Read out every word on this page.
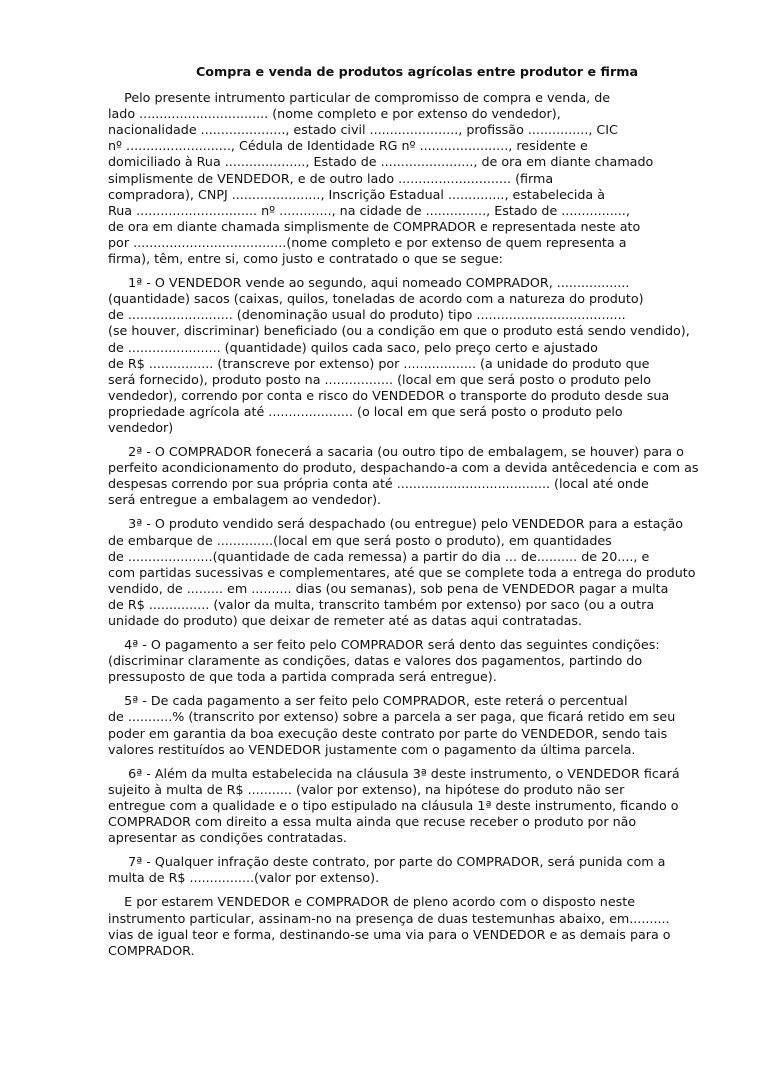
Compra e venda de produtos agrícolas entre produtor e firma
Pelo presente intrumento particular de compromisso de compra e venda, de
lado ................................ (nome completo e por extenso do vendedor),
nacionalidade ....................., estado civil ......................, profissão ..............., CIC
nº .........................., Cédula de Identidade RG nº ......................, residente e
domiciliado à Rua ...................., Estado de ......................., de ora em diante chamado
simplismente de VENDEDOR, e de outro lado ............................ (firma
compradora), CNPJ ......................, Inscrição Estadual .............., estabelecida à
Rua .............................. nº ............., na cidade de ..............., Estado de ................,
de ora em diante chamada simplismente de COMPRADOR e representada neste ato
por ......................................(nome completo e por extenso de quem representa a
firma), têm, entre si, como justo e contratado o que se segue:
1ª - O VENDEDOR vende ao segundo, aqui nomeado COMPRADOR, ..................
(quantidade) sacos (caixas, quilos, toneladas de acordo com a natureza do produto)
de .......................... (denominação usual do produto) tipo .....................................
(se houver, discriminar) beneficiado (ou a condição em que o produto está sendo vendido),
de ....................... (quantidade) quilos cada saco, pelo preço certo e ajustado
de R$ ................ (transcreve por extenso) por .................. (a unidade do produto que
será fornecido), produto posto na ................. (local em que será posto o produto pelo
vendedor), correndo por conta e risco do VENDEDOR o transporte do produto desde sua
propriedade agrícola até ..................... (o local em que será posto o produto pelo
vendedor)
2ª - O COMPRADOR fonecerá a sacaria (ou outro tipo de embalagem, se houver) para o
perfeito acondicionamento do produto, despachando-a com a devida antêcedencia e com as
despesas correndo por sua própria conta até ...................................... (local até onde
será entregue a embalagem ao vendedor).
3ª - O produto vendido será despachado (ou entregue) pelo VENDEDOR para a estação
de embarque de ..............(local em que será posto o produto), em quantidades
de .....................(quantidade de cada remessa) a partir do dia ... de.......... de 20...., e
com partidas sucessivas e complementares, até que se complete toda a entrega do produto
vendido, de ......... em .......... dias (ou semanas), sob pena de VENDEDOR pagar a multa
de R$ ............... (valor da multa, transcrito também por extenso) por saco (ou a outra
unidade do produto) que deixar de remeter até as datas aqui contratadas.
4ª - O pagamento a ser feito pelo COMPRADOR será dento das seguintes condições:
(discriminar claramente as condições, datas e valores dos pagamentos, partindo do
pressuposto de que toda a partida comprada será entregue).
5ª - De cada pagamento a ser feito pelo COMPRADOR, este reterá o percentual
de ...........% (transcrito por extenso) sobre a parcela a ser paga, que ficará retido em seu
poder em garantia da boa execução deste contrato por parte do VENDEDOR, sendo tais
valores restituídos ao VENDEDOR justamente com o pagamento da última parcela.
6ª - Além da multa estabelecida na cláusula 3ª deste instrumento, o VENDEDOR ficará
sujeito à multa de R$ ........... (valor por extenso), na hipótese do produto não ser
entregue com a qualidade e o tipo estipulado na cláusula 1ª deste instrumento, ficando o
COMPRADOR com direito a essa multa ainda que recuse receber o produto por não
apresentar as condições contratadas.
7ª - Qualquer infração deste contrato, por parte do COMPRADOR, será punida com a
multa de R$ ................(valor por extenso).
E por estarem VENDEDOR e COMPRADOR de pleno acordo com o disposto neste
instrumento particular, assinam-no na presença de duas testemunhas abaixo, em..........
vias de igual teor e forma, destinando-se uma via para o VENDEDOR e as demais para o
COMPRADOR.
